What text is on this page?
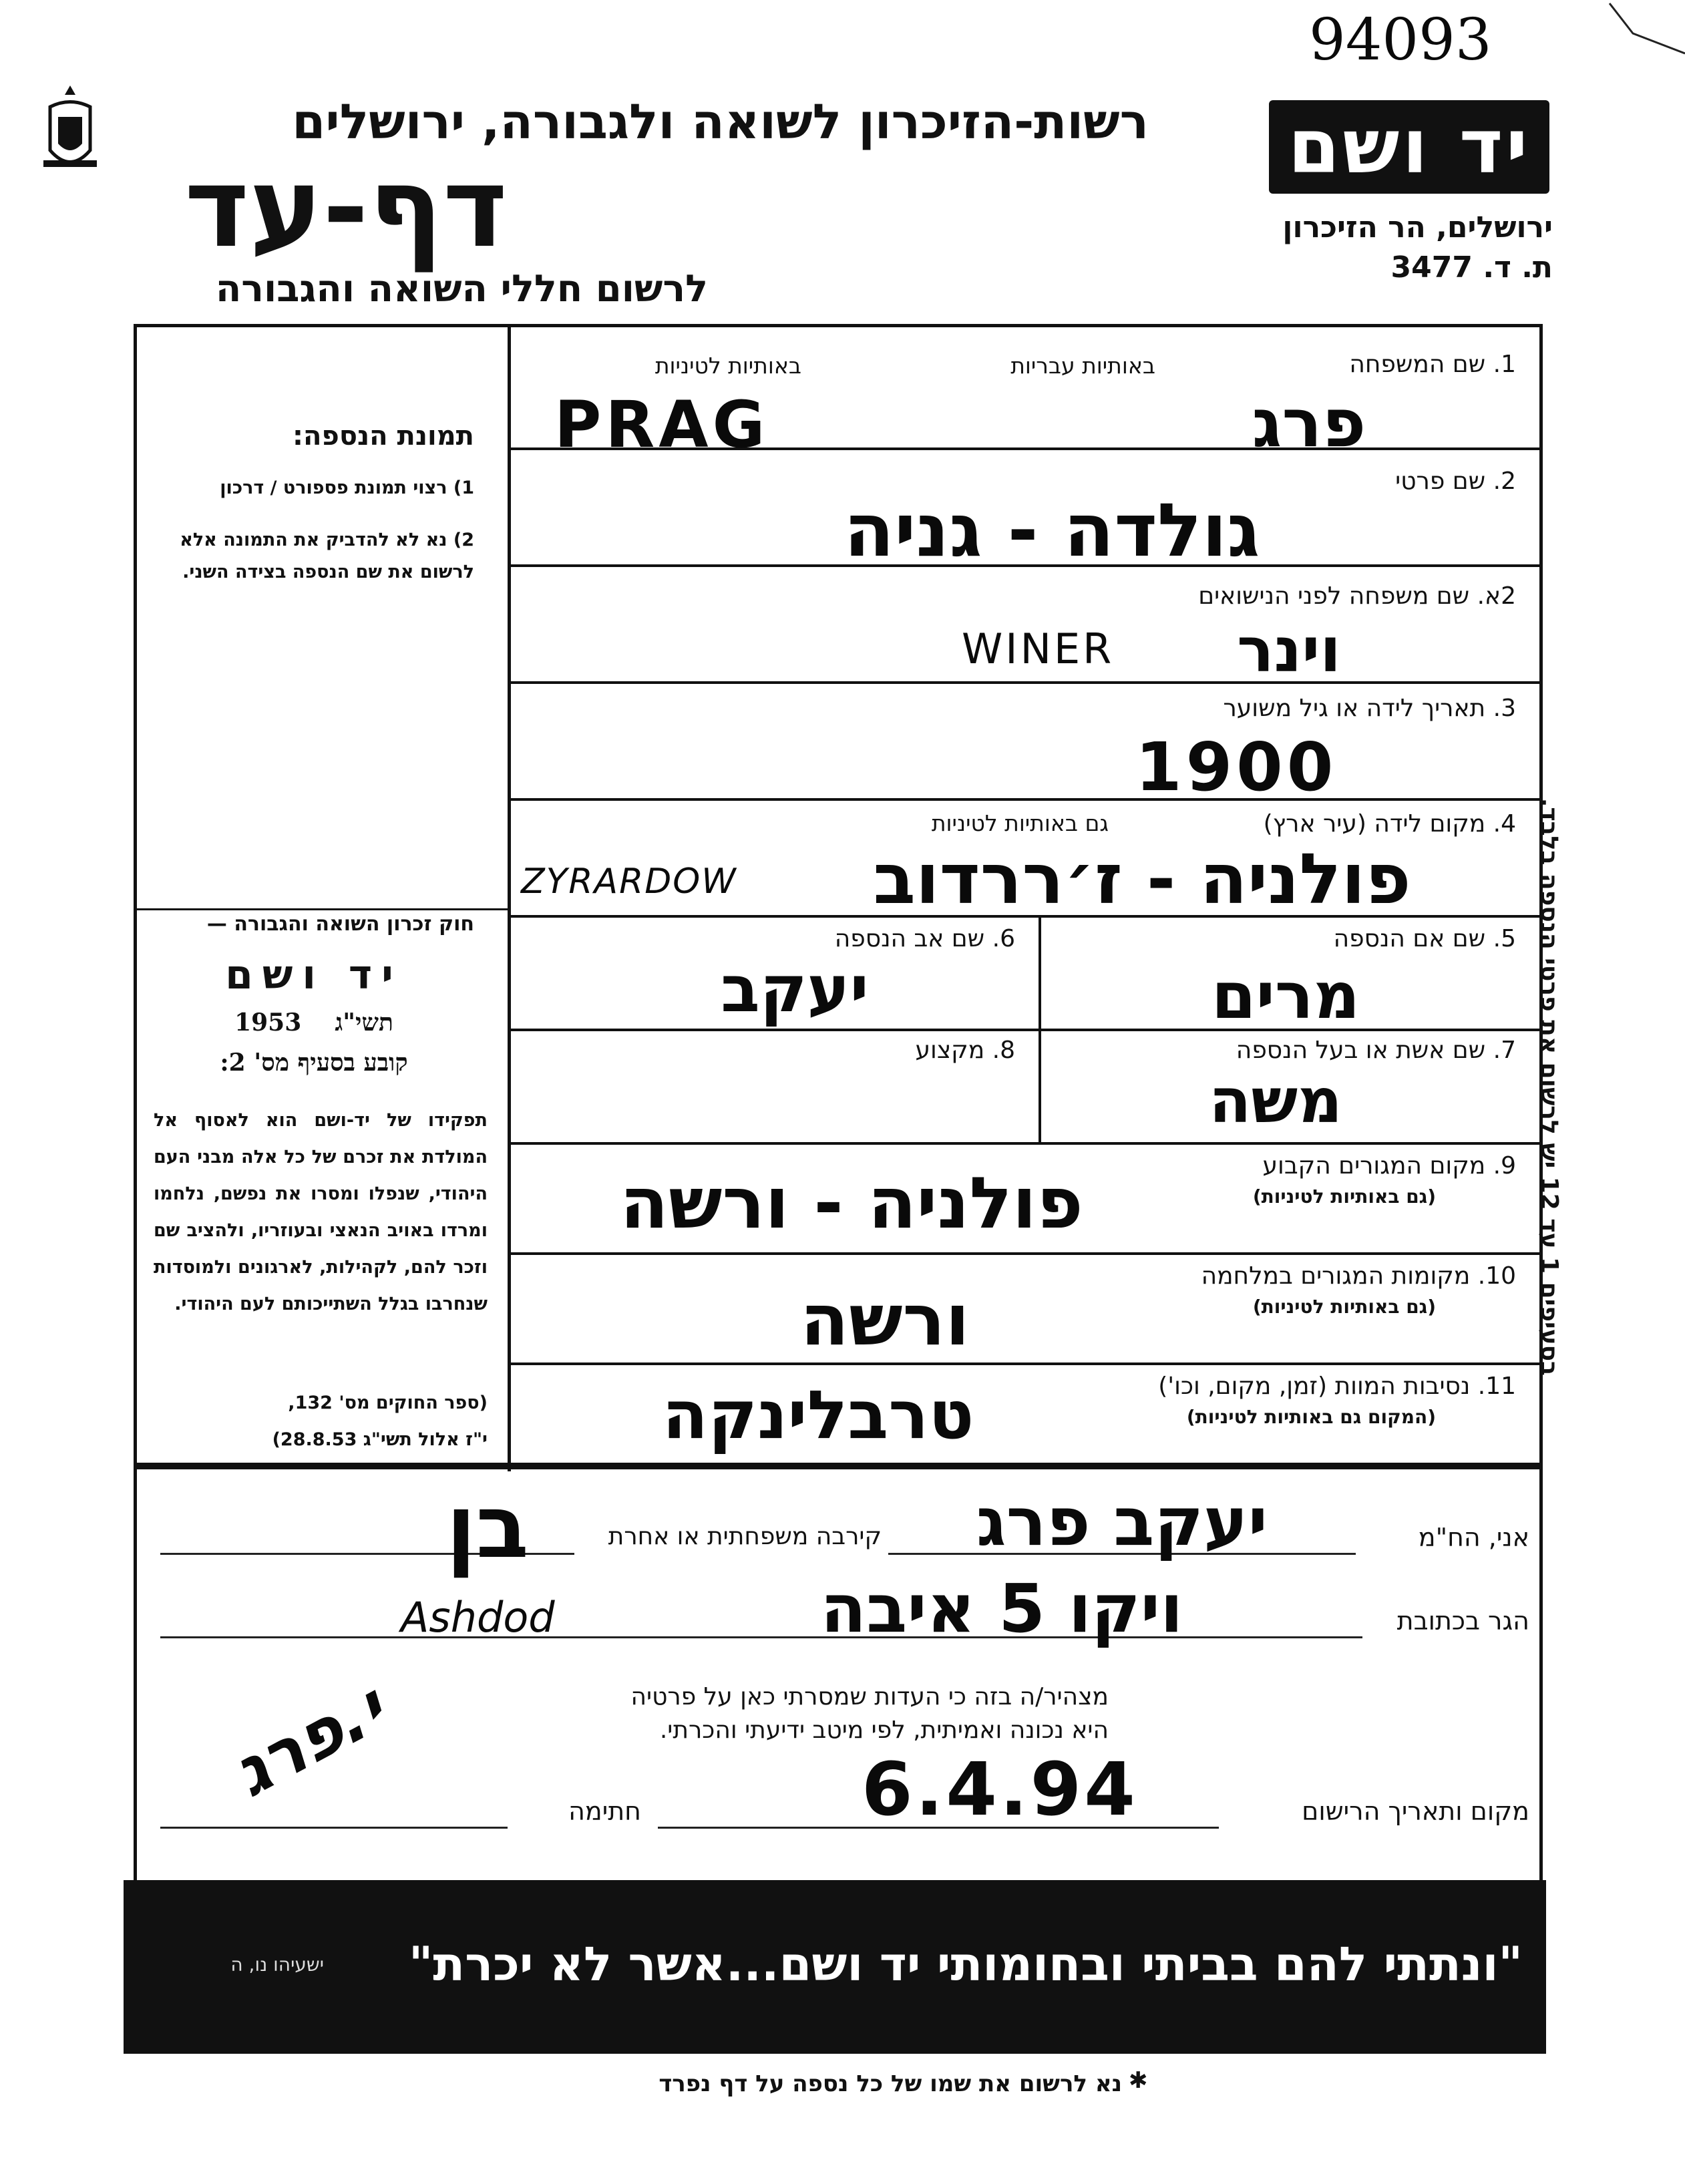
94093
רשות-הזיכרון לשואה ולגבורה, ירושלים
דף-עד
לרשום חללי השואה והגבורה
יד ושם
ירושלים, הר הזיכרון
ת. ד. 3477
תמונת הנספה:
1) רצוי תמונת פספורט / דרכון
2) נא לא להדביק את התמונה אלא לרשום את שם הנספה בצידה השני.
חוק זכרון השואה והגבורה —
יד ושם
1953 תשי"ג
קובע בסעיף מס' 2:
תפקידו של יד-ושם הוא לאסוף אל המולדת את זכרם של כל אלה מבני העם היהודי, שנפלו ומסרו את נפשם, נלחמו ומרדו באויב הנאצי ובעוזריו, ולהציב שם וזכר להם, לקהילות, לארגונים ולמוסדות שנחרבו בגלל השתייכותם לעם היהודי.
(ספר החוקים מס' 132,
י"ז אלול תשי"ג 28.8.53)
בסעיפים 1 עד 12 יש לרשום את פרטי הנספה בלבד.
1. שם המשפחה
באותיות עבריות
באותיות לטיניות
PRAG	פרג
2. שם פרטי
גולדה - גניה
2א. שם משפחה לפני הנישואים
WINER	וינר
3. תאריך לידה או גיל משוער
1900
4. מקום לידה (עיר ארץ)
גם באותיות לטיניות
ZYRARDOW	פולניה - ז׳ררדוב
5. שם אם הנספה
מרים
6. שם אב הנספה
יעקב
7. שם אשת או בעל הנספה
משה
8. מקצוע
9. מקום המגורים הקבוע
(גם באותיות לטיניות)
פולניה - ורשה
10. מקומות המגורים במלחמה
(גם באותיות לטיניות)
ורשה
11. נסיבות המוות (זמן, מקום, וכו')
(המקום גם באותיות לטיניות)
טרבלינקה
אני, הח"מ
יעקב פרג
קירבה משפחתית או אחרת
בן
הגר בכתובת
ויקו 5 איבה
Ashdod
מצהיר/ה בזה כי העדות שמסרתי כאן על פרטיה
היא נכונה ואמיתית, לפי מיטב ידיעתי והכרתי.
מקום ותאריך הרישום
6.4.94
חתימה
י.פרג
"ונתתי להם בביתי ובחומותי יד ושם...אשר לא יכרת"
ישעיהו נו, ה
✱
נא לרשום את שמו של כל נספה על דף נפרד
